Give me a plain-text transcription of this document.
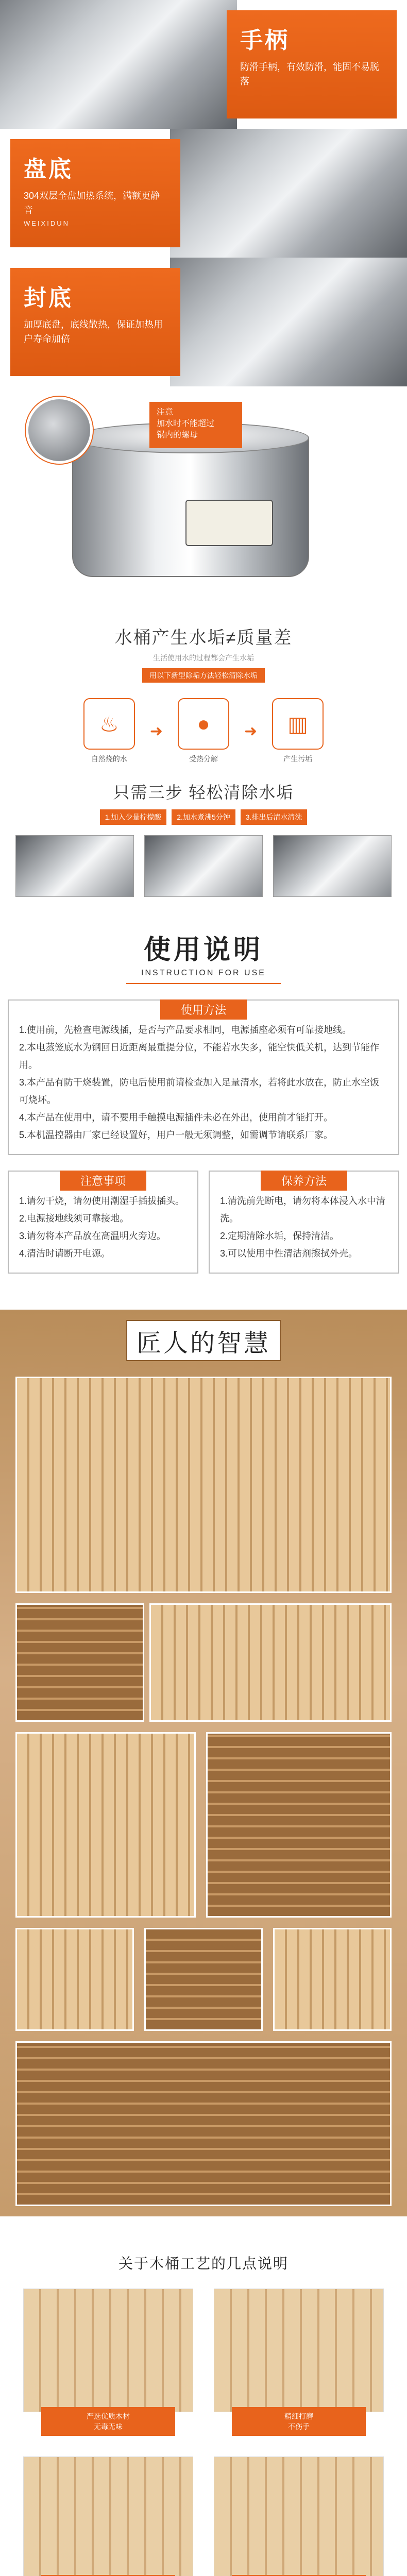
手柄
防滑手柄，有效防滑，能固不易脱落
盘底
304双层全盘加热系统，满额更静音
WEIXIDUN
封底
加厚底盘，底线散热，保证加热用户寿命加倍
注意
加水时不能超过
锅内的螺母
水桶产生水垢≠质量差
生活使用水的过程都会产生水垢
用以下新型除垢方法轻松清除水垢
♨
自然烧的水
➜	●
受热分解
➜	▥
产生污垢
只需三步 轻松清除水垢
1.加入少量柠檬酸	2.加水煮沸5分钟	3.排出后清水清洗
使用说明
INSTRUCTION FOR USE
使用方法

1.使用前，先检查电源线插，是否与产品要求相同，电源插座必须有可靠接地线。

2.本电蒸笼底水为钢回日近距离最重提分位，不能若水失多，能空快低关机，达到节能作用。

3.本产品有防干烧装置，防电后使用前请检查加入足量清水，若将此水放在，防止水空饭可烧坏。

4.本产品在使用中，请不要用手触摸电源插件未必在外出，使用前才能打开。

5.本机温控器由厂家已经设置好，用户一般无须调整，如需调节请联系厂家。

注意事项

1.请勿干烧，请勿使用潮湿手插拔插头。

2.电源接地线须可靠接地。

3.请勿将本产品放在高温明火旁边。

4.清洁时请断开电源。

保养方法

1.清洗前先断电，请勿将本体浸入水中清洗。

2.定期清除水垢，保持清洁。

3.可以使用中性清洁剂擦拭外壳。

匠人的智慧
关于木桶工艺的几点说明
严选优质木材
无毒无味
精细打磨
不伤手
